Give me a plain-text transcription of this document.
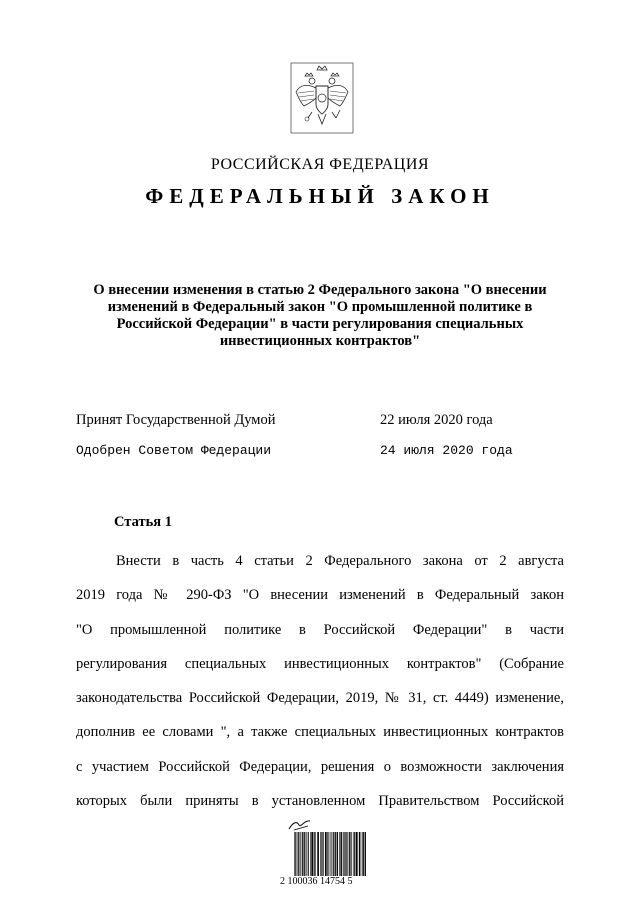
РОССИЙСКАЯ ФЕДЕРАЦИЯ
ФЕДЕРАЛЬНЫЙ ЗАКОН
О внесении изменения в статью 2 Федерального закона "О внесении
изменений в Федеральный закон "О промышленной политике в
Российской Федерации" в части регулирования специальных
инвестиционных контрактов"
Принят Государственной Думой	22 июля 2020 года
Одобрен Советом Федерации	24 июля 2020 года
Статья 1
Внести в часть 4 статьи 2 Федерального закона от 2 августа
2019 года № 290-ФЗ "О внесении изменений в Федеральный закон
"О промышленной политике в Российской Федерации" в части
регулирования специальных инвестиционных контрактов" (Собрание
законодательства Российской Федерации, 2019, № 31, ст. 4449) изменение,
дополнив ее словами ", а также специальных инвестиционных контрактов
с участием Российской Федерации, решения о возможности заключения
которых были приняты в установленном Правительством Российской
2 100036 14754 5
